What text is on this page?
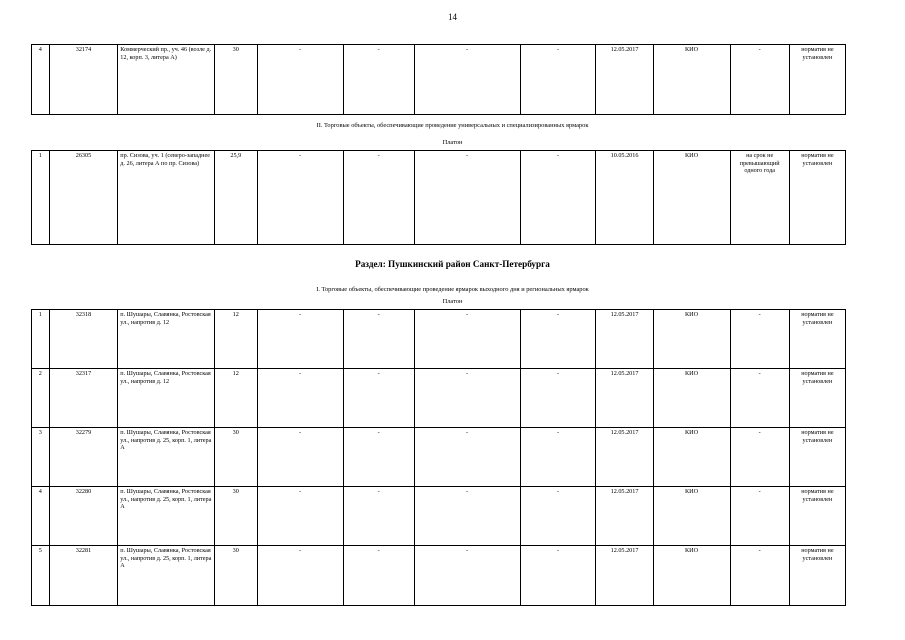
14
4	32174	Коммерческий пр., уч. 46 (возле д. 12, корп. 3, литера А)	30	-	-	-	-	12.05.2017	КИО	-	норматив не установлен
II. Торговые объекты, обеспечивающие проведение универсальных и специализированных ярмарок
Платон
1	26305	пр. Сизова, уч. 1 (северо-западнее д. 26, литера А по пр. Сизова)	25,9	-	-	-	-	10.05.2016	КИО	на срок не превышающий одного года	норматив не установлен
Раздел: Пушкинский район Санкт-Петербурга
I. Торговые объекты, обеспечивающие проведение ярмарок выходного дня и региональных ярмарок
Платон
1	32318	п. Шушары, Славянка, Ростовская ул., напротив д. 12	12	-	-	-	-	12.05.2017	КИО	-	норматив не установлен
2	32317	п. Шушары, Славянка, Ростовская ул., напротив д. 12	12	-	-	-	-	12.05.2017	КИО	-	норматив не установлен
3	32279	п. Шушары, Славянка, Ростовская ул., напротив д. 25, корп. 1, литера А	30	-	-	-	-	12.05.2017	КИО	-	норматив не установлен
4	32280	п. Шушары, Славянка, Ростовская ул., напротив д. 25, корп. 1, литера А	30	-	-	-	-	12.05.2017	КИО	-	норматив не установлен
5	32281	п. Шушары, Славянка, Ростовская ул., напротив д. 25, корп. 1, литера А	30	-	-	-	-	12.05.2017	КИО	-	норматив не установлен
